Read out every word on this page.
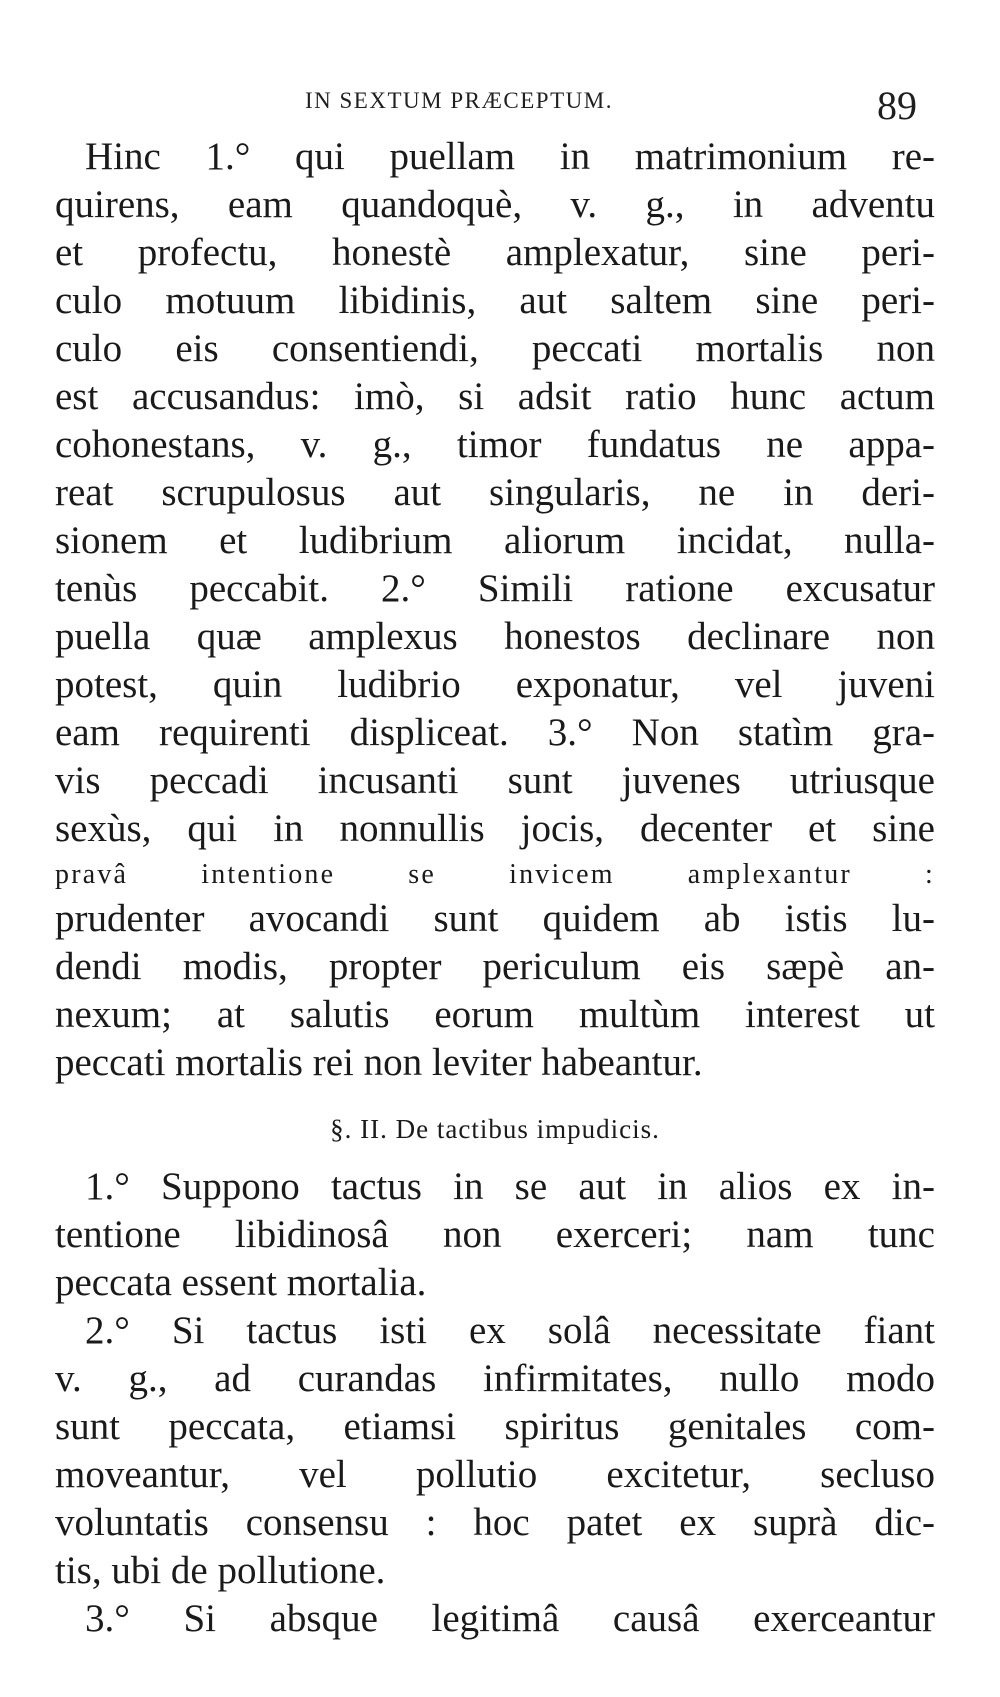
IN SEXTUM PRÆCEPTUM.	89
Hinc 1.° qui puellam in matrimonium re-
quirens, eam quandoquè, v. g., in adventu
et profectu, honestè amplexatur, sine peri-
culo motuum libidinis, aut saltem sine peri-
culo eis consentiendi, peccati mortalis non
est accusandus: imò, si adsit ratio hunc actum
cohonestans, v. g., timor fundatus ne appa-
reat scrupulosus aut singularis, ne in deri-
sionem et ludibrium aliorum incidat, nulla-
tenùs peccabit. 2.° Simili ratione excusatur
puella quæ amplexus honestos declinare non
potest, quin ludibrio exponatur, vel juveni
eam requirenti displiceat. 3.° Non statìm gra-
vis peccadi incusanti sunt juvenes utriusque
sexùs, qui in nonnullis jocis, decenter et sine
pravâ intentione se invicem amplexantur :
prudenter avocandi sunt quidem ab istis lu-
dendi modis, propter periculum eis sæpè an-
nexum; at salutis eorum multùm interest ut
peccati mortalis rei non leviter habeantur.
§. II. De tactibus impudicis.
1.° Suppono tactus in se aut in alios ex in-
tentione libidinosâ non exerceri; nam tunc
peccata essent mortalia.
2.° Si tactus isti ex solâ necessitate fiant
v. g., ad curandas infirmitates, nullo modo
sunt peccata, etiamsi spiritus genitales com-
moveantur, vel pollutio excitetur, secluso
voluntatis consensu : hoc patet ex suprà dic-
tis, ubi de pollutione.
3.° Si absque legitimâ causâ exerceantur
